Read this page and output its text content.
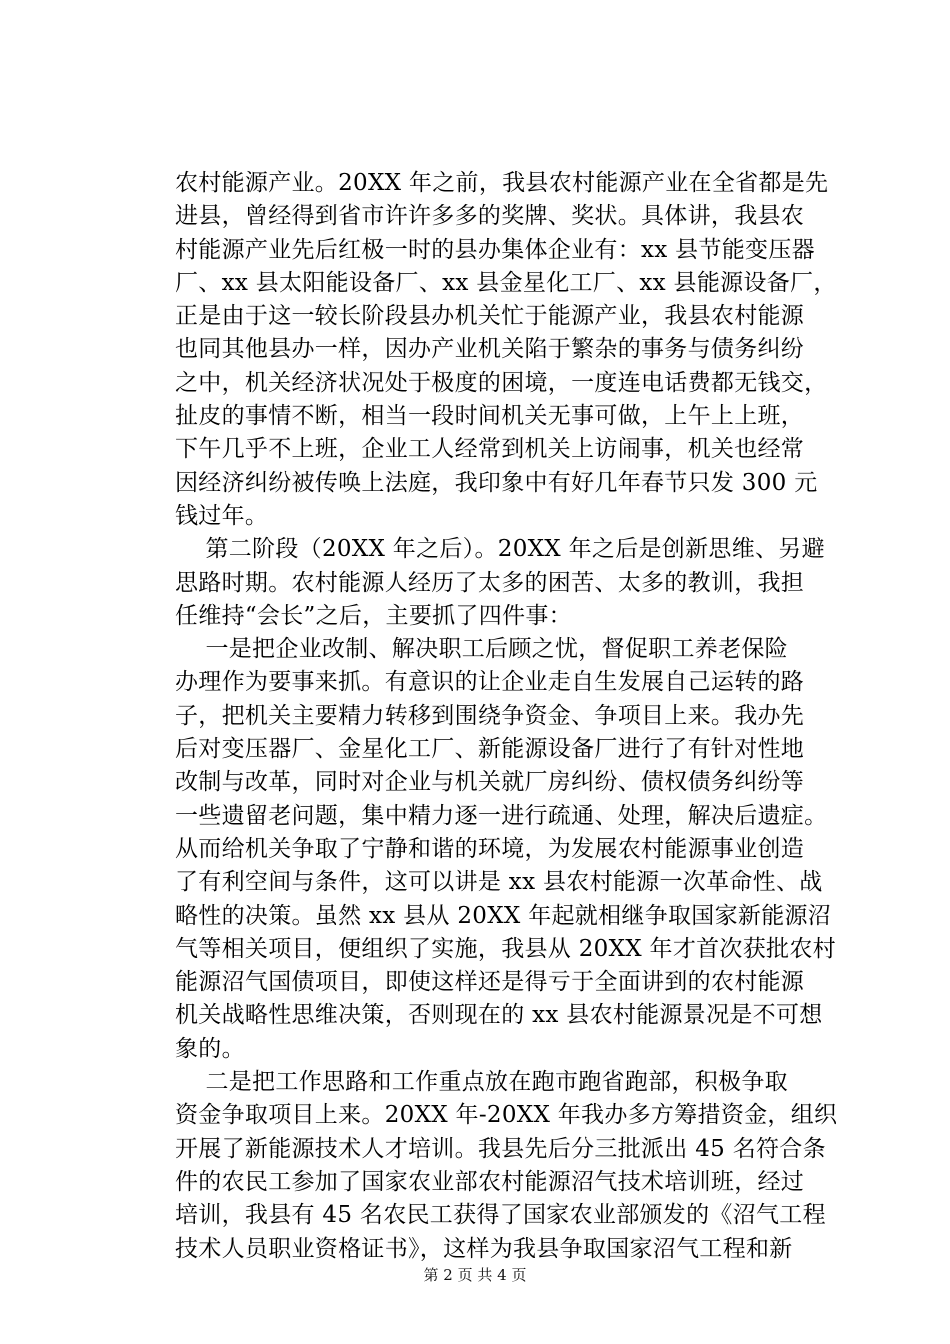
农村能源产业。20XX 年之前，我县农村能源产业在全省都是先
进县，曾经得到省市许许多多的奖牌、奖状。具体讲，我县农
村能源产业先后红极一时的县办集体企业有：xx 县节能变压器
厂、xx 县太阳能设备厂、xx 县金星化工厂、xx 县能源设备厂，
正是由于这一较长阶段县办机关忙于能源产业，我县农村能源
也同其他县办一样，因办产业机关陷于繁杂的事务与债务纠纷
之中，机关经济状况处于极度的困境，一度连电话费都无钱交，
扯皮的事情不断，相当一段时间机关无事可做，上午上上班，
下午几乎不上班，企业工人经常到机关上访闹事，机关也经常
因经济纠纷被传唤上法庭，我印象中有好几年春节只发 300 元
钱过年。
第二阶段（20XX 年之后）。20XX 年之后是创新思维、另避
思路时期。农村能源人经历了太多的困苦、太多的教训，我担
任维持“会长”之后，主要抓了四件事：
一是把企业改制、解决职工后顾之忧，督促职工养老保险
办理作为要事来抓。有意识的让企业走自生发展自己运转的路
子，把机关主要精力转移到围绕争资金、争项目上来。我办先
后对变压器厂、金星化工厂、新能源设备厂进行了有针对性地
改制与改革，同时对企业与机关就厂房纠纷、债权债务纠纷等
一些遗留老问题，集中精力逐一进行疏通、处理，解决后遗症。
从而给机关争取了宁静和谐的环境，为发展农村能源事业创造
了有利空间与条件，这可以讲是 xx 县农村能源一次革命性、战
略性的决策。虽然 xx 县从 20XX 年起就相继争取国家新能源沼
气等相关项目，便组织了实施，我县从 20XX 年才首次获批农村
能源沼气国债项目，即使这样还是得亏于全面讲到的农村能源
机关战略性思维决策，否则现在的 xx 县农村能源景况是不可想
象的。
二是把工作思路和工作重点放在跑市跑省跑部，积极争取
资金争取项目上来。20XX 年-20XX 年我办多方筹措资金，组织
开展了新能源技术人才培训。我县先后分三批派出 45 名符合条
件的农民工参加了国家农业部农村能源沼气技术培训班，经过
培训，我县有 45 名农民工获得了国家农业部颁发的《沼气工程
技术人员职业资格证书》，这样为我县争取国家沼气工程和新
第 2 页 共 4 页
